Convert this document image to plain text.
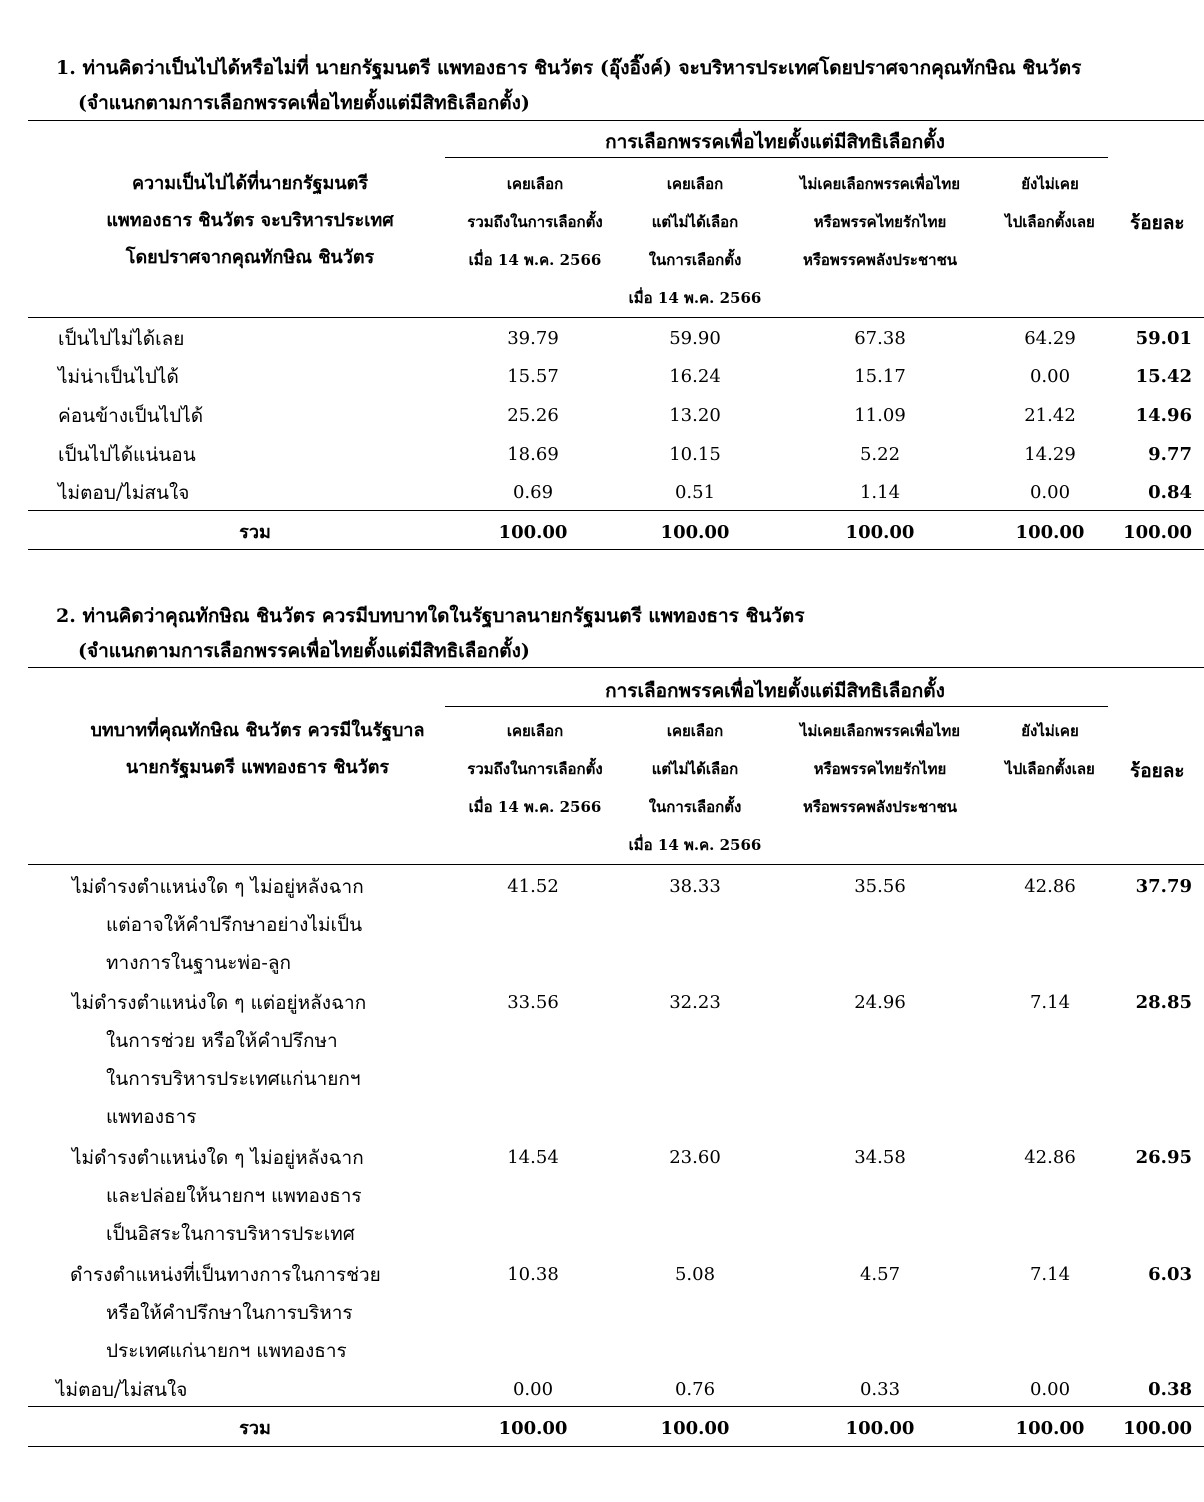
1. ท่านคิดว่าเป็นไปได้หรือไม่ที่ นายกรัฐมนตรี แพทองธาร ชินวัตร (อุ๊งอิ๊งค์) จะบริหารประเทศโดยปราศจากคุณทักษิณ ชินวัตร
(จำแนกตามการเลือกพรรคเพื่อไทยตั้งแต่มีสิทธิเลือกตั้ง)
การเลือกพรรคเพื่อไทยตั้งแต่มีสิทธิเลือกตั้ง
ความเป็นไปได้ที่นายกรัฐมนตรี
แพทองธาร ชินวัตร จะบริหารประเทศ
โดยปราศจากคุณทักษิณ ชินวัตร
เคยเลือก
รวมถึงในการเลือกตั้ง
เมื่อ 14 พ.ค. 2566
เคยเลือก
แต่ไม่ได้เลือก
ในการเลือกตั้ง
เมื่อ 14 พ.ค. 2566
ไม่เคยเลือกพรรคเพื่อไทย
หรือพรรคไทยรักไทย
หรือพรรคพลังประชาชน
ยังไม่เคย
ไปเลือกตั้งเลย	ร้อยละ
เป็นไปไม่ได้เลย	39.79	59.90	67.38	64.29	59.01
ไม่น่าเป็นไปได้	15.57	16.24	15.17	0.00	15.42
ค่อนข้างเป็นไปได้	25.26	13.20	11.09	21.42	14.96
เป็นไปได้แน่นอน	18.69	10.15	5.22	14.29	9.77
ไม่ตอบ/ไม่สนใจ	0.69	0.51	1.14	0.00	0.84
รวม	100.00	100.00	100.00	100.00	100.00
2. ท่านคิดว่าคุณทักษิณ ชินวัตร ควรมีบทบาทใดในรัฐบาลนายกรัฐมนตรี แพทองธาร ชินวัตร
(จำแนกตามการเลือกพรรคเพื่อไทยตั้งแต่มีสิทธิเลือกตั้ง)
การเลือกพรรคเพื่อไทยตั้งแต่มีสิทธิเลือกตั้ง
บทบาทที่คุณทักษิณ ชินวัตร ควรมีในรัฐบาล
นายกรัฐมนตรี แพทองธาร ชินวัตร
เคยเลือก
รวมถึงในการเลือกตั้ง
เมื่อ 14 พ.ค. 2566
เคยเลือก
แต่ไม่ได้เลือก
ในการเลือกตั้ง
เมื่อ 14 พ.ค. 2566
ไม่เคยเลือกพรรคเพื่อไทย
หรือพรรคไทยรักไทย
หรือพรรคพลังประชาชน
ยังไม่เคย
ไปเลือกตั้งเลย	ร้อยละ
ไม่ดำรงตำแหน่งใด ๆ ไม่อยู่หลังฉาก
แต่อาจให้คำปรึกษาอย่างไม่เป็น
ทางการในฐานะพ่อ-ลูก
41.52	38.33	35.56	42.86	37.79
ไม่ดำรงตำแหน่งใด ๆ แต่อยู่หลังฉาก
ในการช่วย หรือให้คำปรึกษา
ในการบริหารประเทศแก่นายกฯ
แพทองธาร
33.56	32.23	24.96	7.14	28.85
ไม่ดำรงตำแหน่งใด ๆ ไม่อยู่หลังฉาก
และปล่อยให้นายกฯ แพทองธาร
เป็นอิสระในการบริหารประเทศ
14.54	23.60	34.58	42.86	26.95
ดำรงตำแหน่งที่เป็นทางการในการช่วย
หรือให้คำปรึกษาในการบริหาร
ประเทศแก่นายกฯ แพทองธาร
10.38	5.08	4.57	7.14	6.03
ไม่ตอบ/ไม่สนใจ	0.00	0.76	0.33	0.00	0.38
รวม	100.00	100.00	100.00	100.00	100.00
